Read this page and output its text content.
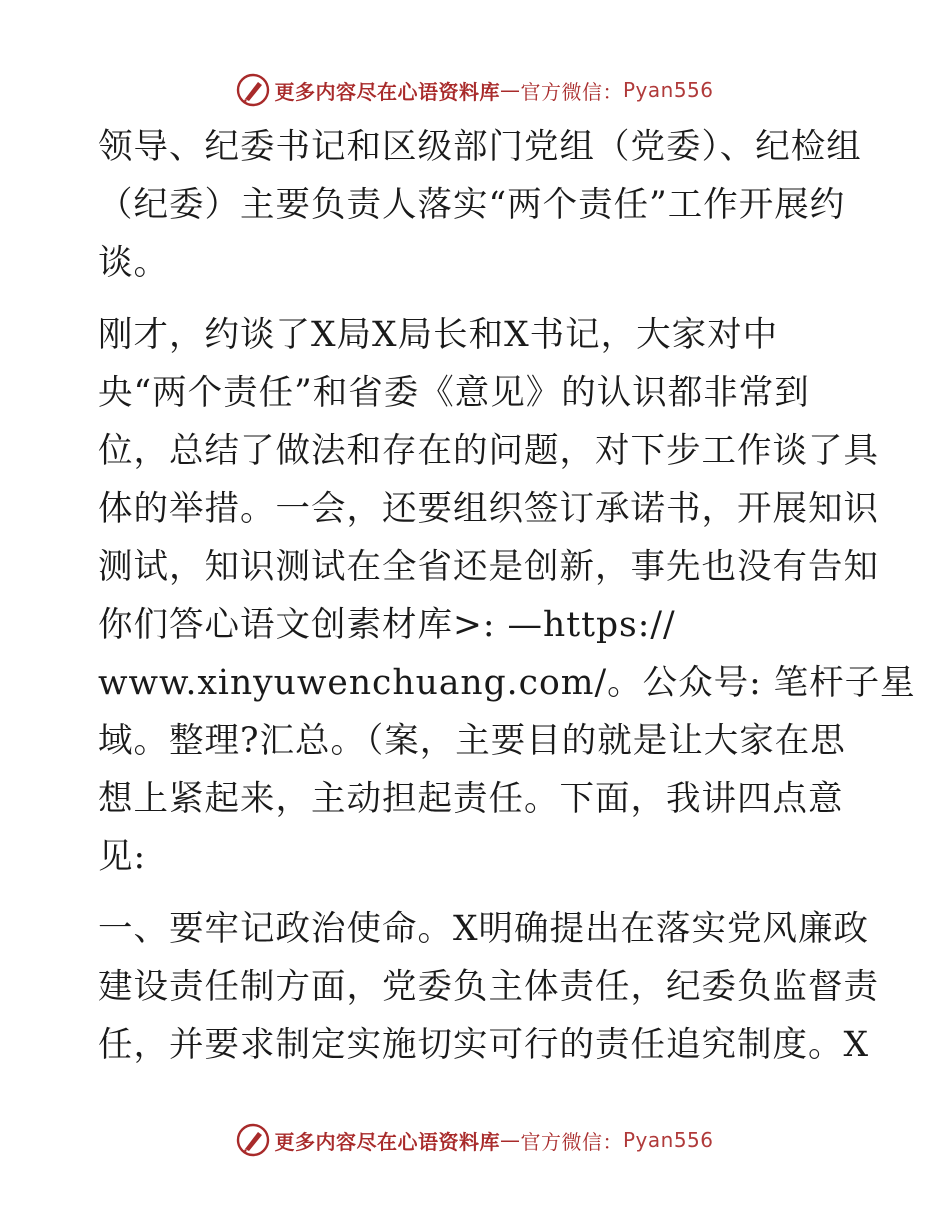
更多内容尽在心语资料库 — 官方微信： Pyan556
领导、纪委书记和区级部门党组（党委）、纪检组
（纪委）主要负责人落实“两个责任”工作开展约
谈。
刚才，约谈了X局X局长和X书记，大家对中
央“两个责任”和省委《意见》的认识都非常到
位，总结了做法和存在的问题，对下步工作谈了具
体的举措。一会，还要组织签订承诺书，开展知识
测试，知识测试在全省还是创新，事先也没有告知
你们答心语文创素材库>: —https://
www.xinyuwenchuang.com/。公众号: 笔杆子星
域。整理?汇总。（案，主要目的就是让大家在思
想上紧起来，主动担起责任。下面，我讲四点意
见:
一、要牢记政治使命。X明确提出在落实党风廉政
建设责任制方面，党委负主体责任，纪委负监督责
任，并要求制定实施切实可行的责任追究制度。X
更多内容尽在心语资料库 — 官方微信： Pyan556
